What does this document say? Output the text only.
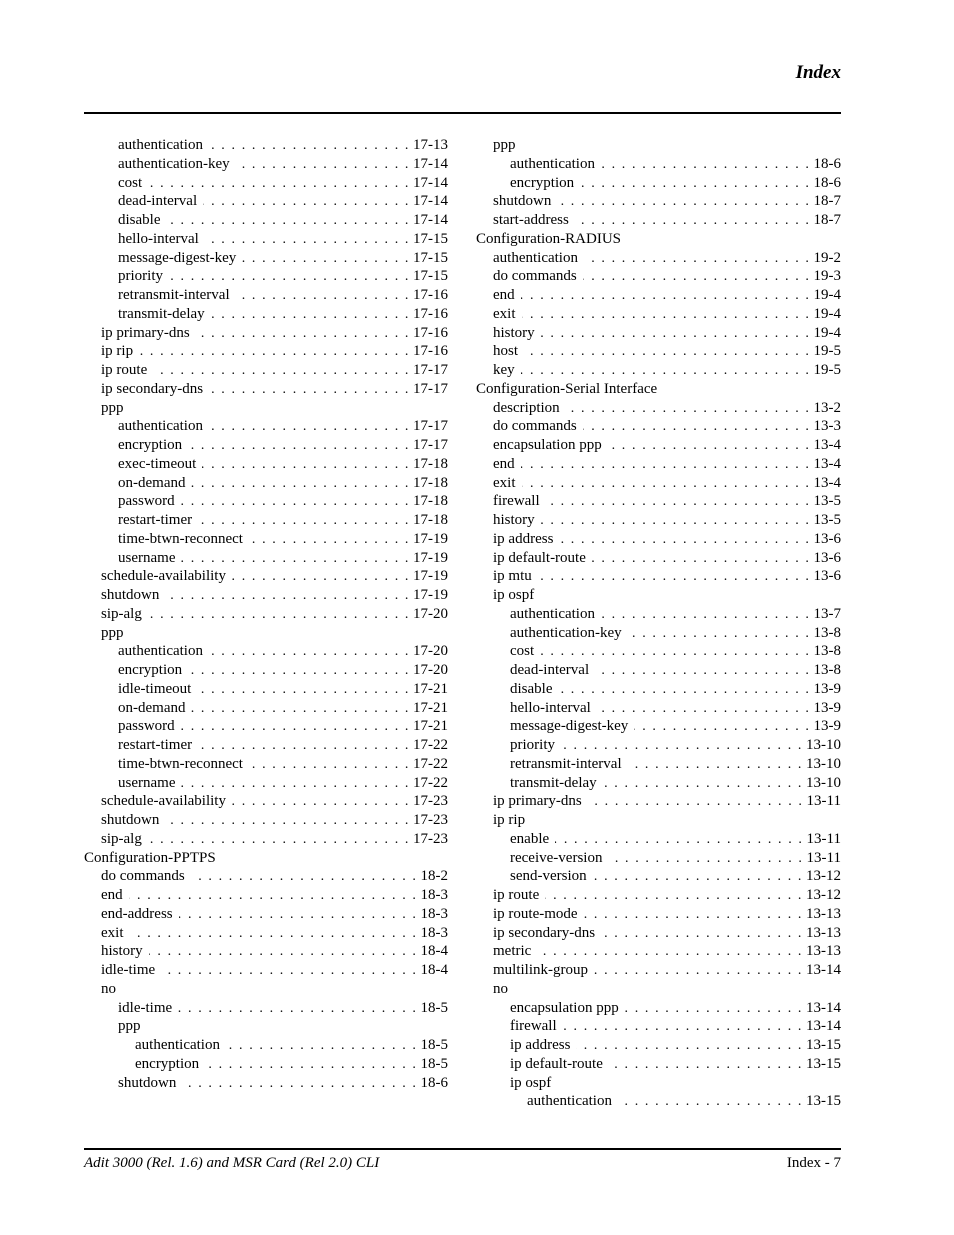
Index
authentication . . .	17-13
authentication-key . . .	17-14
cost . . .	17-14
dead-interval . . .	17-14
disable . . .	17-14
hello-interval . . .	17-15
message-digest-key . . .	17-15
priority . . .	17-15
retransmit-interval . . .	17-16
transmit-delay . . .	17-16
ip primary-dns . . .	17-16
ip rip . . .	17-16
ip route . . .	17-17
ip secondary-dns . . .	17-17
ppp
authentication . . .	17-17
encryption . . .	17-17
exec-timeout . . .	17-18
on-demand . . .	17-18
password . . .	17-18
restart-timer . . .	17-18
time-btwn-reconnect . . .	17-19
username . . .	17-19
schedule-availability . . .	17-19
shutdown . . .	17-19
sip-alg . . .	17-20
ppp
authentication . . .	17-20
encryption . . .	17-20
idle-timeout . . .	17-21
on-demand . . .	17-21
password . . .	17-21
restart-timer . . .	17-22
time-btwn-reconnect . . .	17-22
username . . .	17-22
schedule-availability . . .	17-23
shutdown . . .	17-23
sip-alg . . .	17-23
Configuration-PPTPS
do commands . . .	18-2
end . . .	18-3
end-address . . .	18-3
exit . . .	18-3
history . . .	18-4
idle-time . . .	18-4
no
idle-time . . .	18-5
ppp
authentication . . .	18-5
encryption . . .	18-5
shutdown . . .	18-6
ppp
authentication . . .	18-6
encryption . . .	18-6
shutdown . . .	18-7
start-address . . .	18-7
Configuration-RADIUS
authentication . . .	19-2
do commands . . .	19-3
end . . .	19-4
exit . . .	19-4
history . . .	19-4
host . . .	19-5
key . . .	19-5
Configuration-Serial Interface
description . . .	13-2
do commands . . .	13-3
encapsulation ppp . . .	13-4
end . . .	13-4
exit . . .	13-4
firewall . . .	13-5
history . . .	13-5
ip address . . .	13-6
ip default-route . . .	13-6
ip mtu . . .	13-6
ip ospf
authentication . . .	13-7
authentication-key . . .	13-8
cost . . .	13-8
dead-interval . . .	13-8
disable . . .	13-9
hello-interval . . .	13-9
message-digest-key . . .	13-9
priority . . .	13-10
retransmit-interval . . .	13-10
transmit-delay . . .	13-10
ip primary-dns . . .	13-11
ip rip
enable . . .	13-11
receive-version . . .	13-11
send-version . . .	13-12
ip route . . .	13-12
ip route-mode . . .	13-13
ip secondary-dns . . .	13-13
metric . . .	13-13
multilink-group . . .	13-14
no
encapsulation ppp . . .	13-14
firewall . . .	13-14
ip address . . .	13-15
ip default-route . . .	13-15
ip ospf
authentication . . .	13-15
Adit 3000 (Rel. 1.6) and MSR Card (Rel 2.0) CLI	Index - 7
